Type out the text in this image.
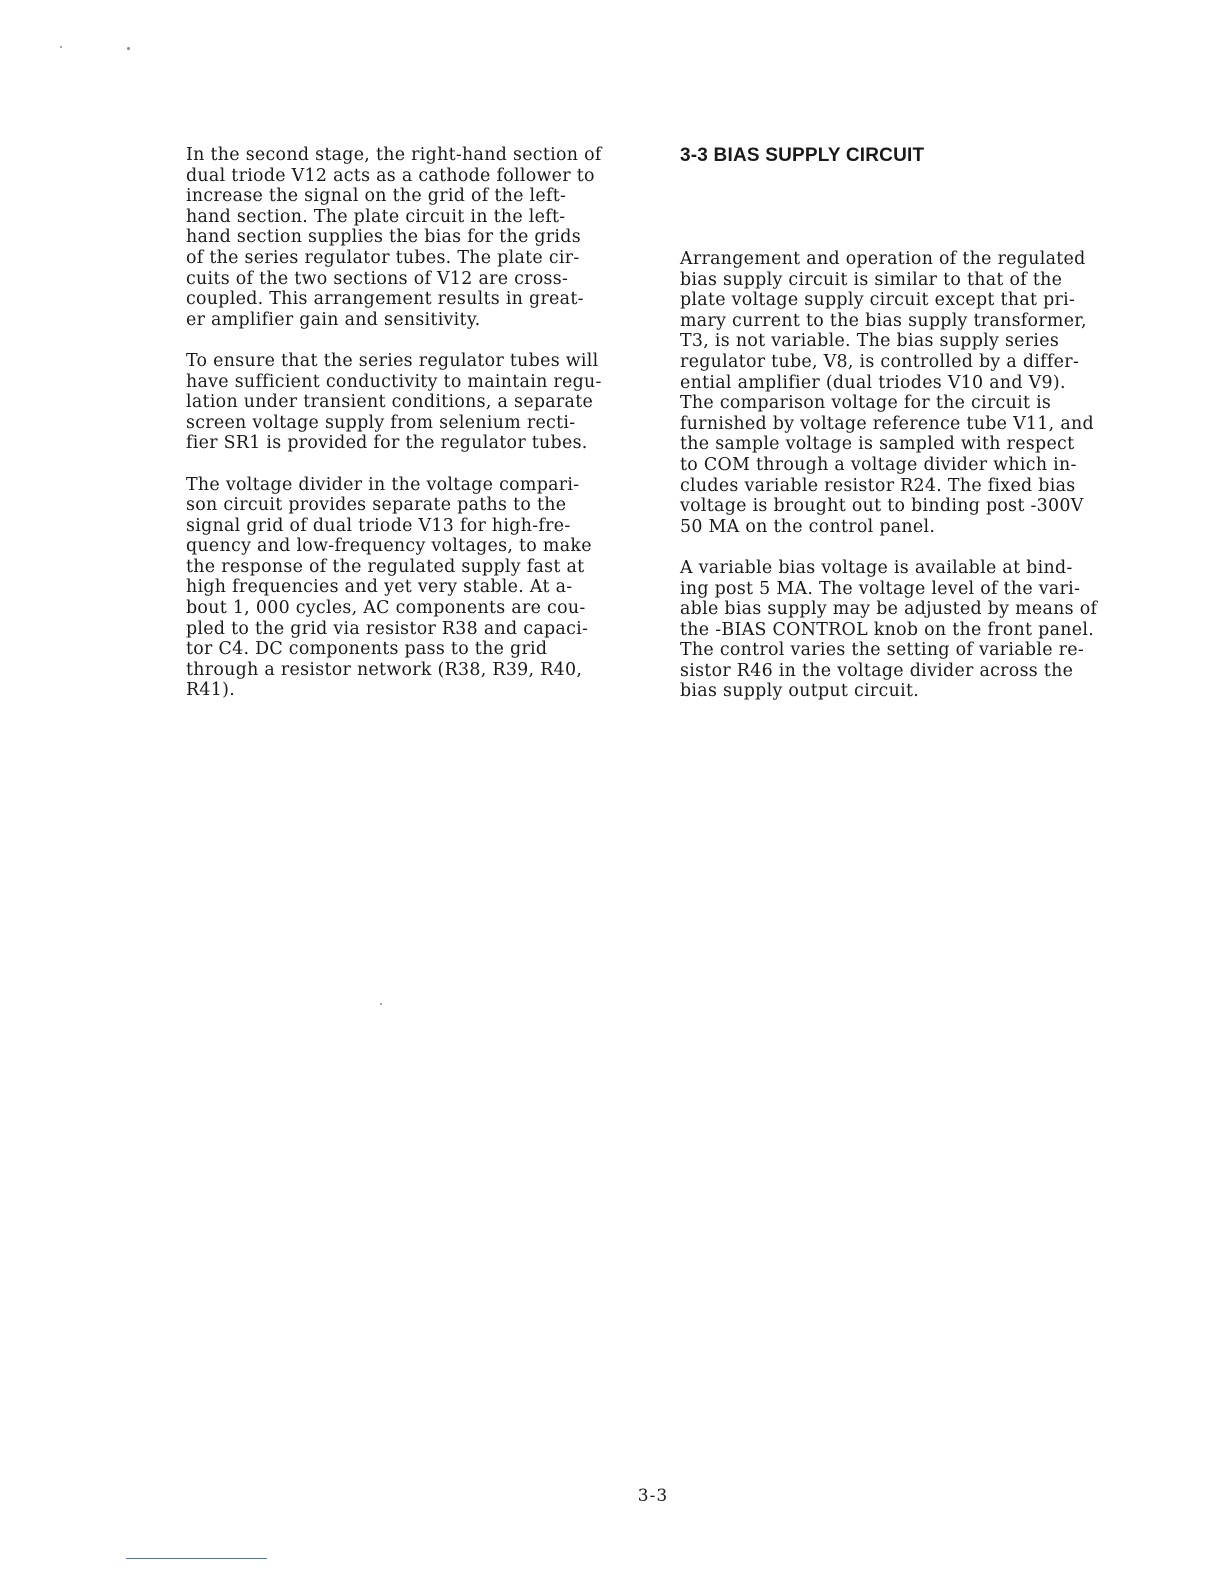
In the second stage, the right-hand section of
dual triode V12 acts as a cathode follower to
increase the signal on the grid of the left-
hand section. The plate circuit in the left-
hand section supplies the bias for the grids
of the series regulator tubes. The plate cir-
cuits of the two sections of V12 are cross-
coupled. This arrangement results in great-
er amplifier gain and sensitivity.

To ensure that the series regulator tubes will
have sufficient conductivity to maintain regu-
lation under transient conditions, a separate
screen voltage supply from selenium recti-
fier SR1 is provided for the regulator tubes.

The voltage divider in the voltage compari-
son circuit provides separate paths to the
signal grid of dual triode V13 for high-fre-
quency and low-frequency voltages, to make
the response of the regulated supply fast at
high frequencies and yet very stable. At a-
bout 1, 000 cycles, AC components are cou-
pled to the grid via resistor R38 and capaci-
tor C4. DC components pass to the grid
through a resistor network (R38, R39, R40,
R41).

3-3 BIAS SUPPLY CIRCUIT

Arrangement and operation of the regulated
bias supply circuit is similar to that of the
plate voltage supply circuit except that pri-
mary current to the bias supply transformer,
T3, is not variable. The bias supply series
regulator tube, V8, is controlled by a differ-
ential amplifier (dual triodes V10 and V9).
The comparison voltage for the circuit is
furnished by voltage reference tube V11, and
the sample voltage is sampled with respect
to COM through a voltage divider which in-
cludes variable resistor R24. The fixed bias
voltage is brought out to binding post -300V
50 MA on the control panel.

A variable bias voltage is available at bind-
ing post 5 MA. The voltage level of the vari-
able bias supply may be adjusted by means of
the -BIAS CONTROL knob on the front panel.
The control varies the setting of variable re-
sistor R46 in the voltage divider across the
bias supply output circuit.

3-3
